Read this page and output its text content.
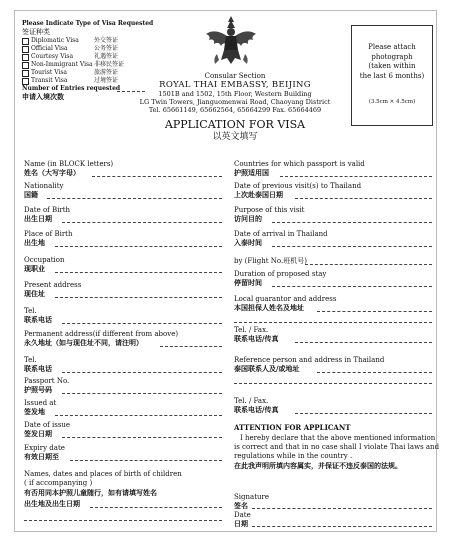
Please Indicate Type of Visa Requested
签证种类
Diplomatic Visa	外交签证
Official Visa	公务签证
Courtesy Visa	礼遇签证
Non-Immigrant Visa 非移民签证
Tourist Visa	旅游签证
Transit Visa	过境签证
Number of Entries requested
申请入境次数
Consular Section
ROYAL THAI EMBASSY, BEIJING
1501B and 1502, 15th Floor, Western Building
LG Twin Towers, Jianguomenwai Road, Chaoyang District
Tel. 65661149, 65662564, 65664299 Fax. 65664469
APPLICATION FOR VISA
以英文填写
Please attach
photograph
(taken within
the last 6 months)
(3.5cm × 4.5cm)
Names, dates and places of birth of children
( if accompanying )
有否用同本护照儿童随行，如有请填写姓名
出生地及出生日期
ATTENTION FOR APPLICANT
I hereby declare that the above mentioned information
is correct and that in no case shall I violate Thai laws and
regulations while in the country .
在此我声明所填内容属实，并保证不违反泰国的法规。
Signature
签名
Date
日期
Name (in BLOCK letters)
姓名（大写字母）
Nationality
国籍
Date of Birth
出生日期
Place of Birth
出生地
Occupation
现职业
Present address
现住址
Tel.
联系电话
Permanent address(if different from above)
永久地址（如与现住址不同，请注明）
Tel.
联系电话
Passport No.
护照号码
Issued at
签发地
Date of issue
签发日期
Expiry date
有效日期至
Countries for which passport is valid
护照适用国
Date of previous visit(s) to Thailand
上次赴泰国日期
Purpose of this visit
访问目的
Date of arrival in Thailand
入泰时间
by (Flight No.班机号)
Duration of proposed stay
停留时间
Local guarantor and address
本国担保人姓名及地址
Tel. / Fax.
联系电话/传真
Reference person and address in Thailand
泰国联系人及/或地址
Tel. / Fax.
联系电话/传真
